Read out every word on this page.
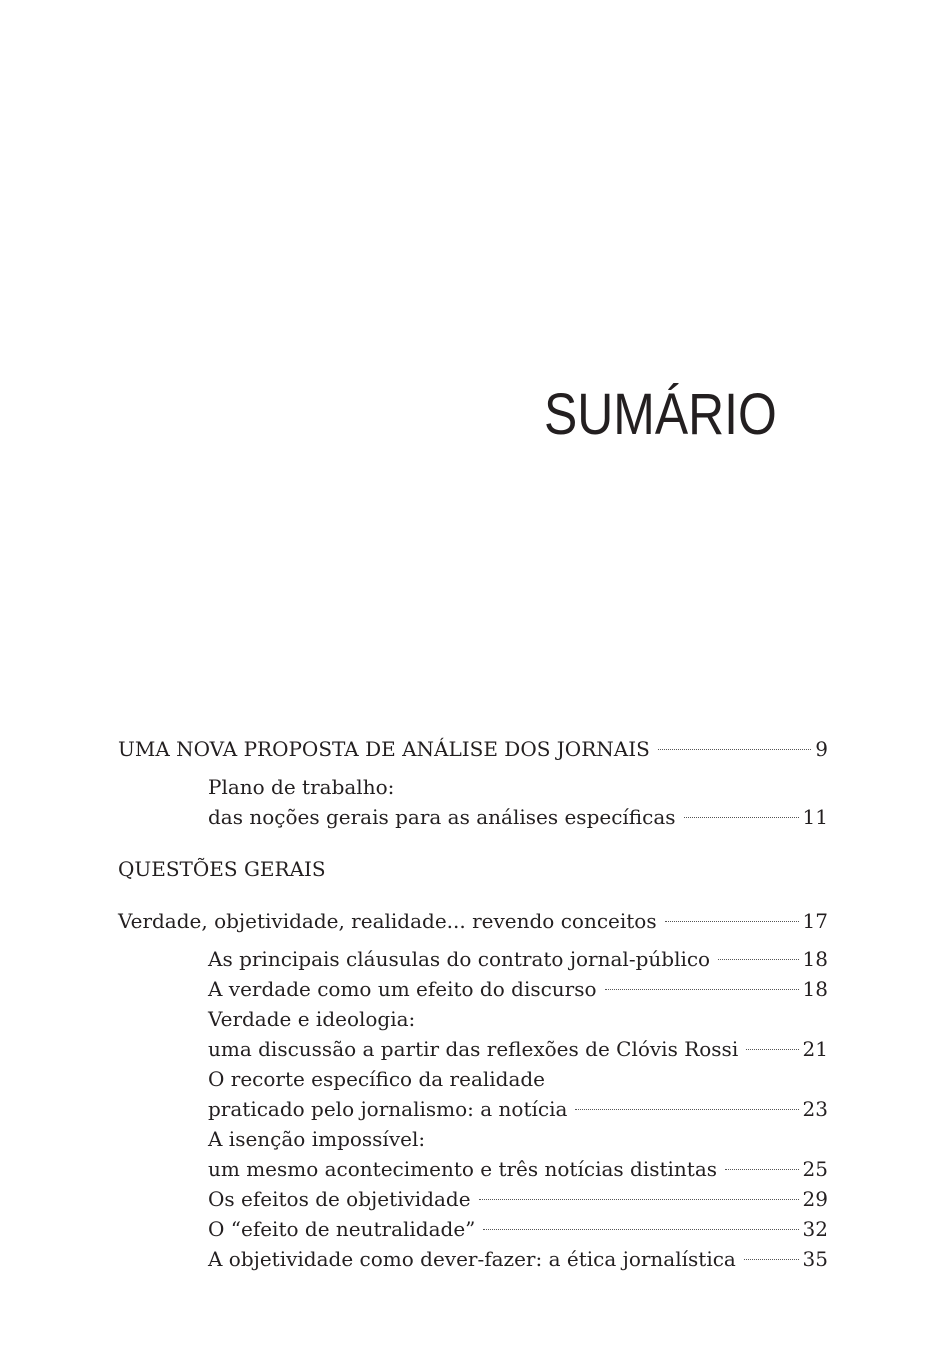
SUMÁRIO
UMA NOVA PROPOSTA DE ANÁLISE DOS JORNAIS	9
Plano de trabalho:
das noções gerais para as análises específicas	11
QUESTÕES GERAIS
Verdade, objetividade, realidade... revendo conceitos	17
As principais cláusulas do contrato jornal-público	18
A verdade como um efeito do discurso	18
Verdade e ideologia:
uma discussão a partir das reflexões de Clóvis Rossi	21
O recorte específico da realidade
praticado pelo jornalismo: a notícia	23
A isenção impossível:
um mesmo acontecimento e três notícias distintas	25
Os efeitos de objetividade	29
O “efeito de neutralidade”	32
A objetividade como dever-fazer: a ética jornalística	35
